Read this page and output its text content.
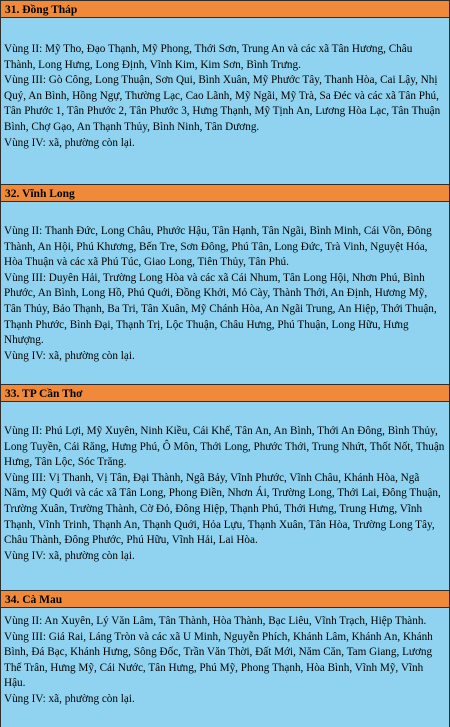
31. Đồng Tháp

Vùng II: Mỹ Tho, Đạo Thạnh, Mỹ Phong, Thới Sơn, Trung An và các xã Tân Hương, Châu Thành, Long Hưng, Long Định, Vĩnh Kim, Kim Sơn, Bình Trưng.

Vùng III: Gò Công, Long Thuận, Sơn Qui, Bình Xuân, Mỹ Phước Tây, Thanh Hòa, Cai Lậy, Nhị Quý, An Bình, Hồng Ngự, Thường Lạc, Cao Lãnh, Mỹ Ngãi, Mỹ Trà, Sa Đéc và các xã Tân Phú, Tân Phước 1, Tân Phước 2, Tân Phước 3, Hưng Thạnh, Mỹ Tịnh An, Lương Hòa Lạc, Tân Thuận Bình, Chợ Gạo, An Thạnh Thủy, Bình Ninh, Tân Dương.

Vùng IV: xã, phường còn lại.

32. Vĩnh Long

Vùng II: Thanh Đức, Long Châu, Phước Hậu, Tân Hạnh, Tân Ngãi, Bình Minh, Cái Vồn, Đông Thành, An Hội, Phú Khương, Bến Tre, Sơn Đông, Phú Tân, Long Đức, Trà Vinh, Nguyệt Hóa, Hòa Thuận và các xã Phú Túc, Giao Long, Tiên Thủy, Tân Phú.

Vùng III: Duyên Hải, Trường Long Hòa và các xã Cái Nhum, Tân Long Hội, Nhơn Phú, Bình Phước, An Bình, Long Hồ, Phú Quới, Đồng Khởi, Mỏ Cày, Thành Thới, An Định, Hương Mỹ, Tân Thủy, Bảo Thạnh, Ba Tri, Tân Xuân, Mỹ Chánh Hòa, An Ngãi Trung, An Hiệp, Thới Thuận, Thạnh Phước, Bình Đại, Thạnh Trị, Lộc Thuận, Châu Hưng, Phú Thuận, Long Hữu, Hưng Nhượng.

Vùng IV: xã, phường còn lại.

33. TP Cần Thơ

Vùng II: Phú Lợi, Mỹ Xuyên, Ninh Kiều, Cái Khế, Tân An, An Bình, Thới An Đông, Bình Thủy, Long Tuyền, Cái Răng, Hưng Phú, Ô Môn, Thới Long, Phước Thới, Trung Nhứt, Thốt Nốt, Thuận Hưng, Tân Lộc, Sóc Trăng.

Vùng III: Vị Thanh, Vị Tân, Đại Thành, Ngã Bảy, Vĩnh Phước, Vĩnh Châu, Khánh Hòa, Ngã Năm, Mỹ Quới và các xã Tân Long, Phong Điền, Nhơn Ái, Trường Long, Thới Lai, Đông Thuận, Trường Xuân, Trường Thành, Cờ Đỏ, Đông Hiệp, Thạnh Phú, Thới Hưng, Trung Hưng, Vĩnh Thạnh, Vĩnh Trinh, Thạnh An, Thạnh Quới, Hỏa Lựu, Thạnh Xuân, Tân Hòa, Trường Long Tây, Châu Thành, Đông Phước, Phú Hữu, Vĩnh Hải, Lai Hòa.

Vùng IV: xã, phường còn lại.

34. Cà Mau

Vùng II: An Xuyên, Lý Văn Lâm, Tân Thành, Hòa Thành, Bạc Liêu, Vĩnh Trạch, Hiệp Thành.

Vùng III: Giá Rai, Láng Tròn và các xã U Minh, Nguyễn Phích, Khánh Lâm, Khánh An, Khánh Bình, Đá Bạc, Khánh Hưng, Sông Đốc, Trần Văn Thời, Đất Mới, Năm Căn, Tam Giang, Lương Thế Trân, Hưng Mỹ, Cái Nước, Tân Hưng, Phú Mỹ, Phong Thạnh, Hòa Bình, Vĩnh Mỹ, Vĩnh Hậu.

Vùng IV: xã, phường còn lại.
